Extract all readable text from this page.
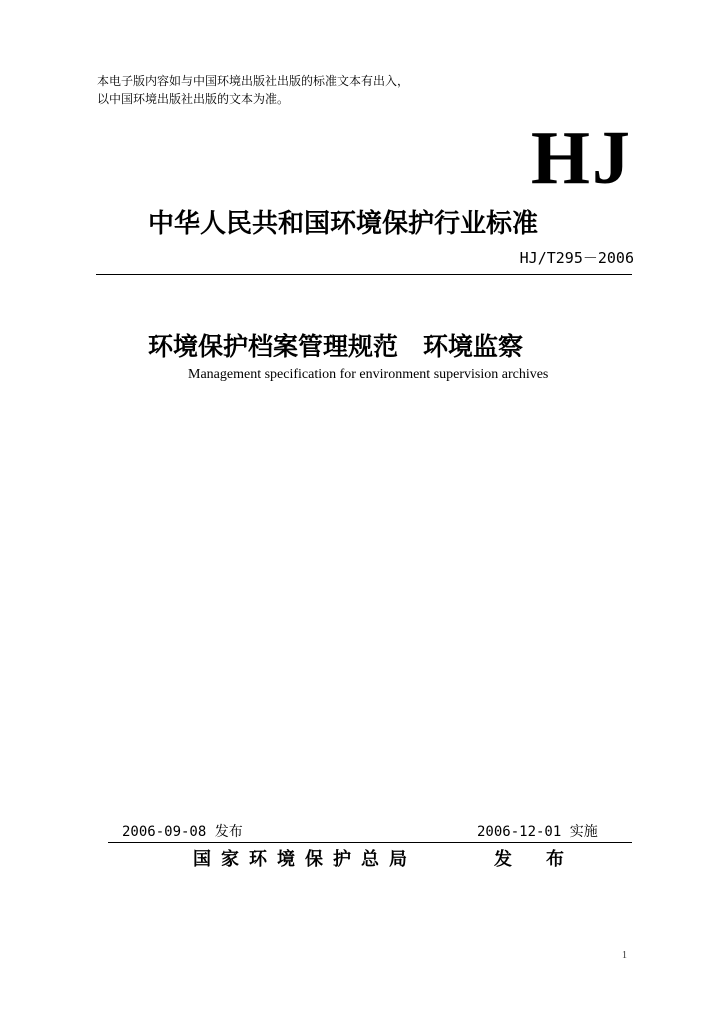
本电子版内容如与中国环境出版社出版的标准文本有出入，
以中国环境出版社出版的文本为准。
HJ
中华人民共和国环境保护行业标准
HJ/T295－2006
环境保护档案管理规范　环境监察
Management specification for environment supervision archives
2006-09-08 发布	2006-12-01 实施
国家环境保护总局	发布
1
